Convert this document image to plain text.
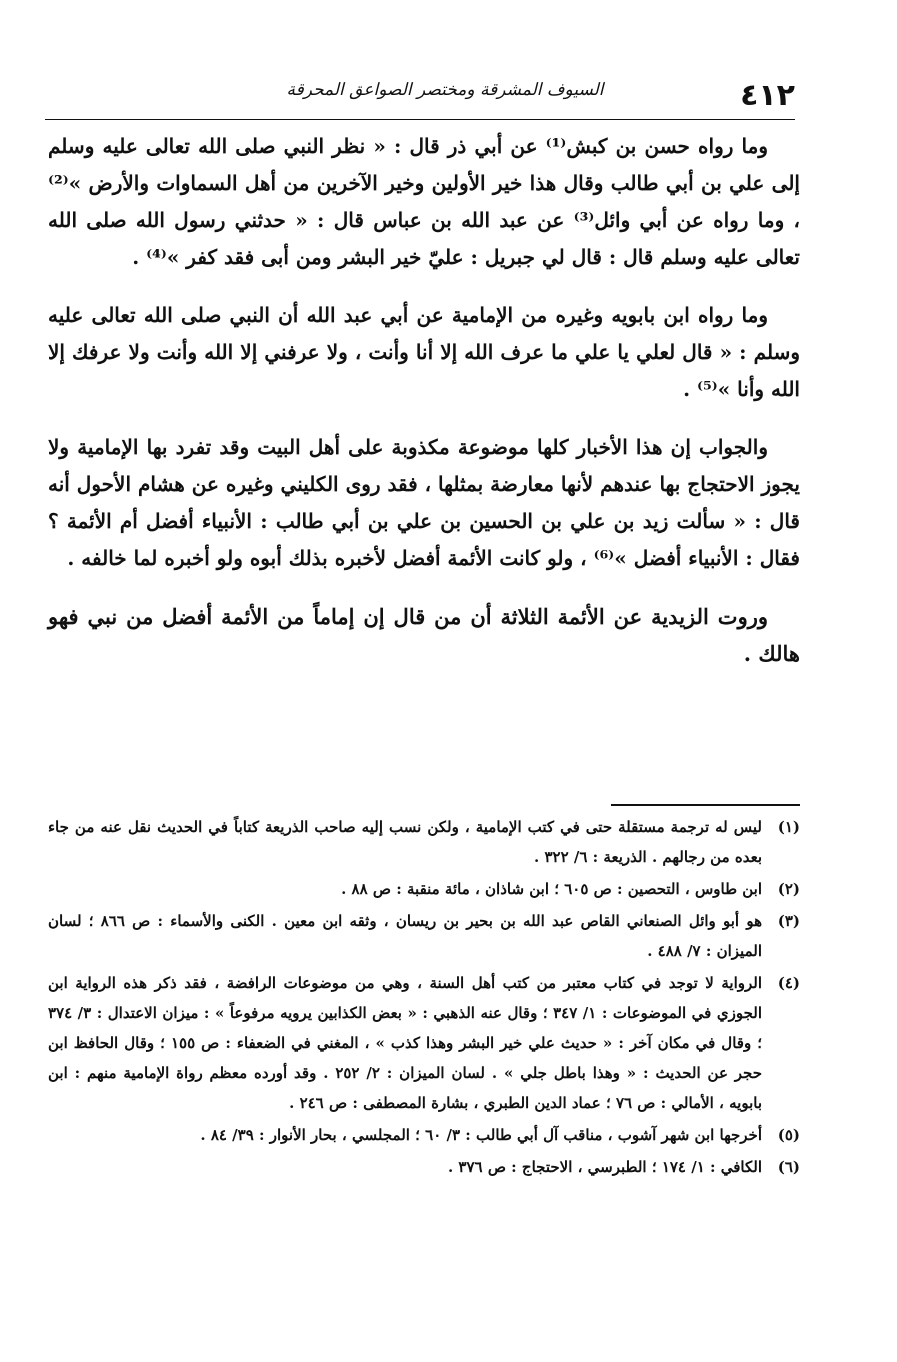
٤١٢
السيوف المشرقة ومختصر الصواعق المحرقة

وما رواه حسن بن كبش⁽¹⁾ عن أبي ذر قال : « نظر النبي صلى الله تعالى عليه وسلم إلى علي بن أبي طالب وقال هذا خير الأولين وخير الآخرين من أهل السماوات والأرض »⁽²⁾ ، وما رواه عن أبي وائل⁽³⁾ عن عبد الله بن عباس قال : « حدثني رسول الله صلى الله تعالى عليه وسلم قال : قال لي جبريل : عليّ خير البشر ومن أبى فقد كفر »⁽⁴⁾ .

وما رواه ابن بابويه وغيره من الإمامية عن أبي عبد الله أن النبي صلى الله تعالى عليه وسلم : « قال لعلي يا علي ما عرف الله إلا أنا وأنت ، ولا عرفني إلا الله وأنت ولا عرفك إلا الله وأنا »⁽⁵⁾ .

والجواب إن هذا الأخبار كلها موضوعة مكذوبة على أهل البيت وقد تفرد بها الإمامية ولا يجوز الاحتجاج بها عندهم لأنها معارضة بمثلها ، فقد روى الكليني وغيره عن هشام الأحول أنه قال : « سألت زيد بن علي بن الحسين بن علي بن أبي طالب : الأنبياء أفضل أم الأئمة ؟ فقال : الأنبياء أفضل »⁽⁶⁾ ، ولو كانت الأئمة أفضل لأخبره بذلك أبوه ولو أخبره لما خالفه .

وروت الزيدية عن الأئمة الثلاثة أن من قال إن إماماً من الأئمة أفضل من نبي فهو هالك .

(١)
ليس له ترجمة مستقلة حتى في كتب الإمامية ، ولكن نسب إليه صاحب الذريعة كتاباً في الحديث نقل عنه من جاء بعده من رجالهم . الذريعة : ٦/ ٣٢٢ .
(٢)
ابن طاوس ، التحصين : ص ٦٠٥ ؛ ابن شاذان ، مائة منقبة : ص ٨٨ .
(٣)
هو أبو وائل الصنعاني القاص عبد الله بن بحير بن ريسان ، وثقه ابن معين . الكنى والأسماء : ص ٨٦٦ ؛ لسان الميزان : ٧/ ٤٨٨ .
(٤)
الرواية لا توجد في كتاب معتبر من كتب أهل السنة ، وهي من موضوعات الرافضة ، فقد ذكر هذه الرواية ابن الجوزي في الموضوعات : ١/ ٣٤٧ ؛ وقال عنه الذهبي : « بعض الكذابين يرويه مرفوعاً » : ميزان الاعتدال : ٣/ ٣٧٤ ؛ وقال في مكان آخر : « حديث علي خير البشر وهذا كذب » ، المغني في الضعفاء : ص ١٥٥ ؛ وقال الحافظ ابن حجر عن الحديث : « وهذا باطل جلي » . لسان الميزان : ٢/ ٢٥٢ . وقد أورده معظم رواة الإمامية منهم : ابن بابويه ، الأمالي : ص ٧٦ ؛ عماد الدين الطبري ، بشارة المصطفى : ص ٢٤٦ .
(٥)
أخرجها ابن شهر آشوب ، مناقب آل أبي طالب : ٣/ ٦٠ ؛ المجلسي ، بحار الأنوار : ٣٩/ ٨٤ .
(٦)
الكافي : ١/ ١٧٤ ؛ الطبرسي ، الاحتجاج : ص ٣٧٦ .
